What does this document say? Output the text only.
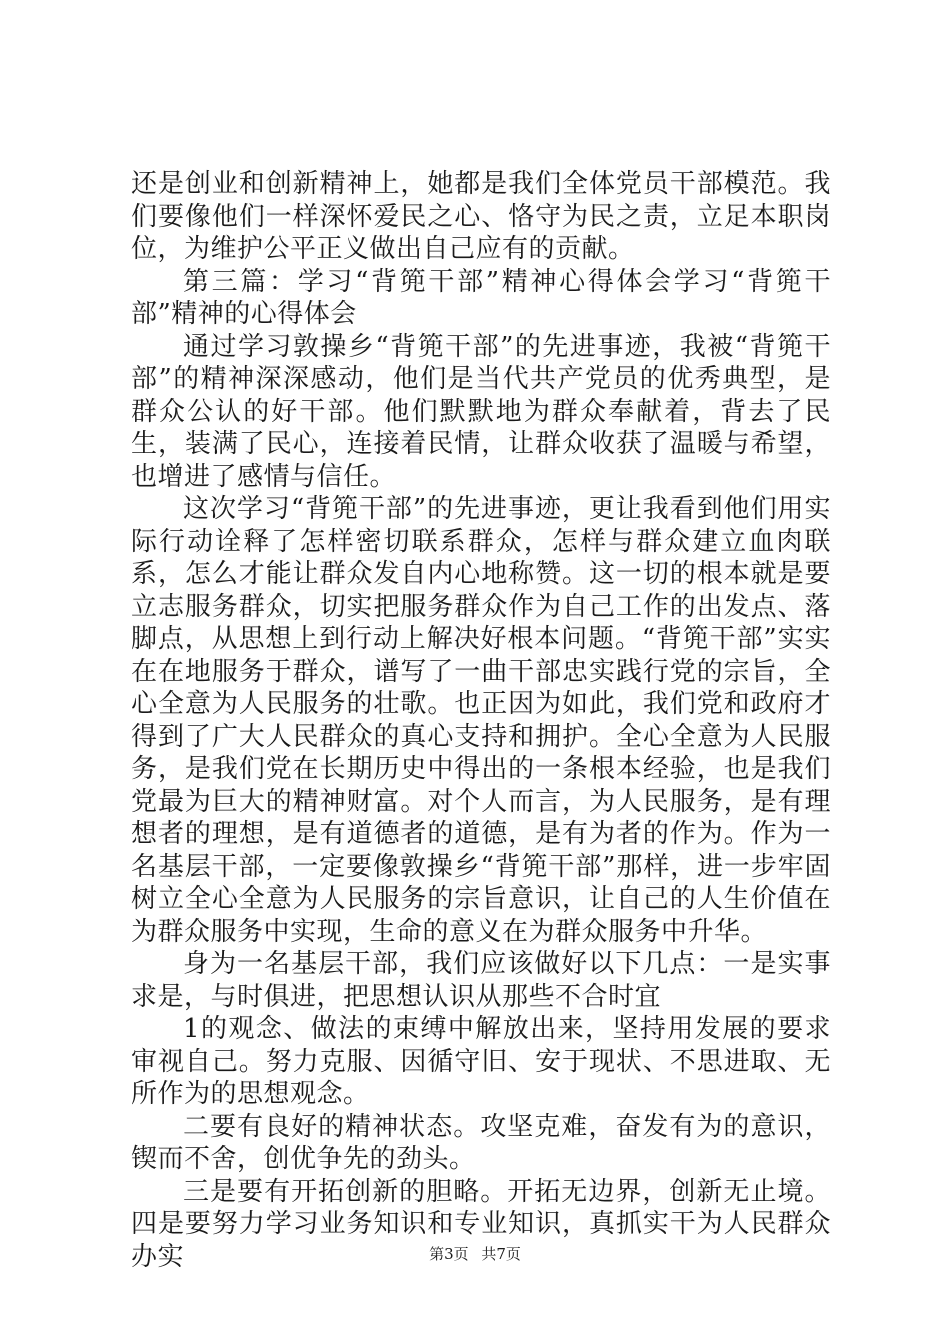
还是创业和创新精神上，她都是我们全体党员干部模范。我们要像他们一样深怀爱民之心、恪守为民之责，立足本职岗位，为维护公平正义做出自己应有的贡献。

第三篇：学习“背篼干部”精神心得体会学习“背篼干部”精神的心得体会

通过学习敦操乡“背篼干部”的先进事迹，我被“背篼干部”的精神深深感动，他们是当代共产党员的优秀典型，是群众公认的好干部。他们默默地为群众奉献着，背去了民生，装满了民心，连接着民情，让群众收获了温暖与希望，也增进了感情与信任。

这次学习“背篼干部”的先进事迹，更让我看到他们用实际行动诠释了怎样密切联系群众，怎样与群众建立血肉联系，怎么才能让群众发自内心地称赞。这一切的根本就是要立志服务群众，切实把服务群众作为自己工作的出发点、落脚点，从思想上到行动上解决好根本问题。“背篼干部”实实在在地服务于群众，谱写了一曲干部忠实践行党的宗旨，全心全意为人民服务的壮歌。也正因为如此，我们党和政府才得到了广大人民群众的真心支持和拥护。全心全意为人民服务，是我们党在长期历史中得出的一条根本经验，也是我们党最为巨大的精神财富。对个人而言，为人民服务，是有理想者的理想，是有道德者的道德，是有为者的作为。作为一名基层干部，一定要像敦操乡“背篼干部”那样，进一步牢固树立全心全意为人民服务的宗旨意识，让自己的人生价值在为群众服务中实现，生命的意义在为群众服务中升华。

身为一名基层干部，我们应该做好以下几点：一是实事求是，与时俱进，把思想认识从那些不合时宜

1的观念、做法的束缚中解放出来，坚持用发展的要求审视自己。努力克服、因循守旧、安于现状、不思进取、无所作为的思想观念。

二要有良好的精神状态。攻坚克难，奋发有为的意识，锲而不舍，创优争先的劲头。

三是要有开拓创新的胆略。开拓无边界，创新无止境。四是要努力学习业务知识和专业知识，真抓实干为人民群众办实	第3页 共7页
